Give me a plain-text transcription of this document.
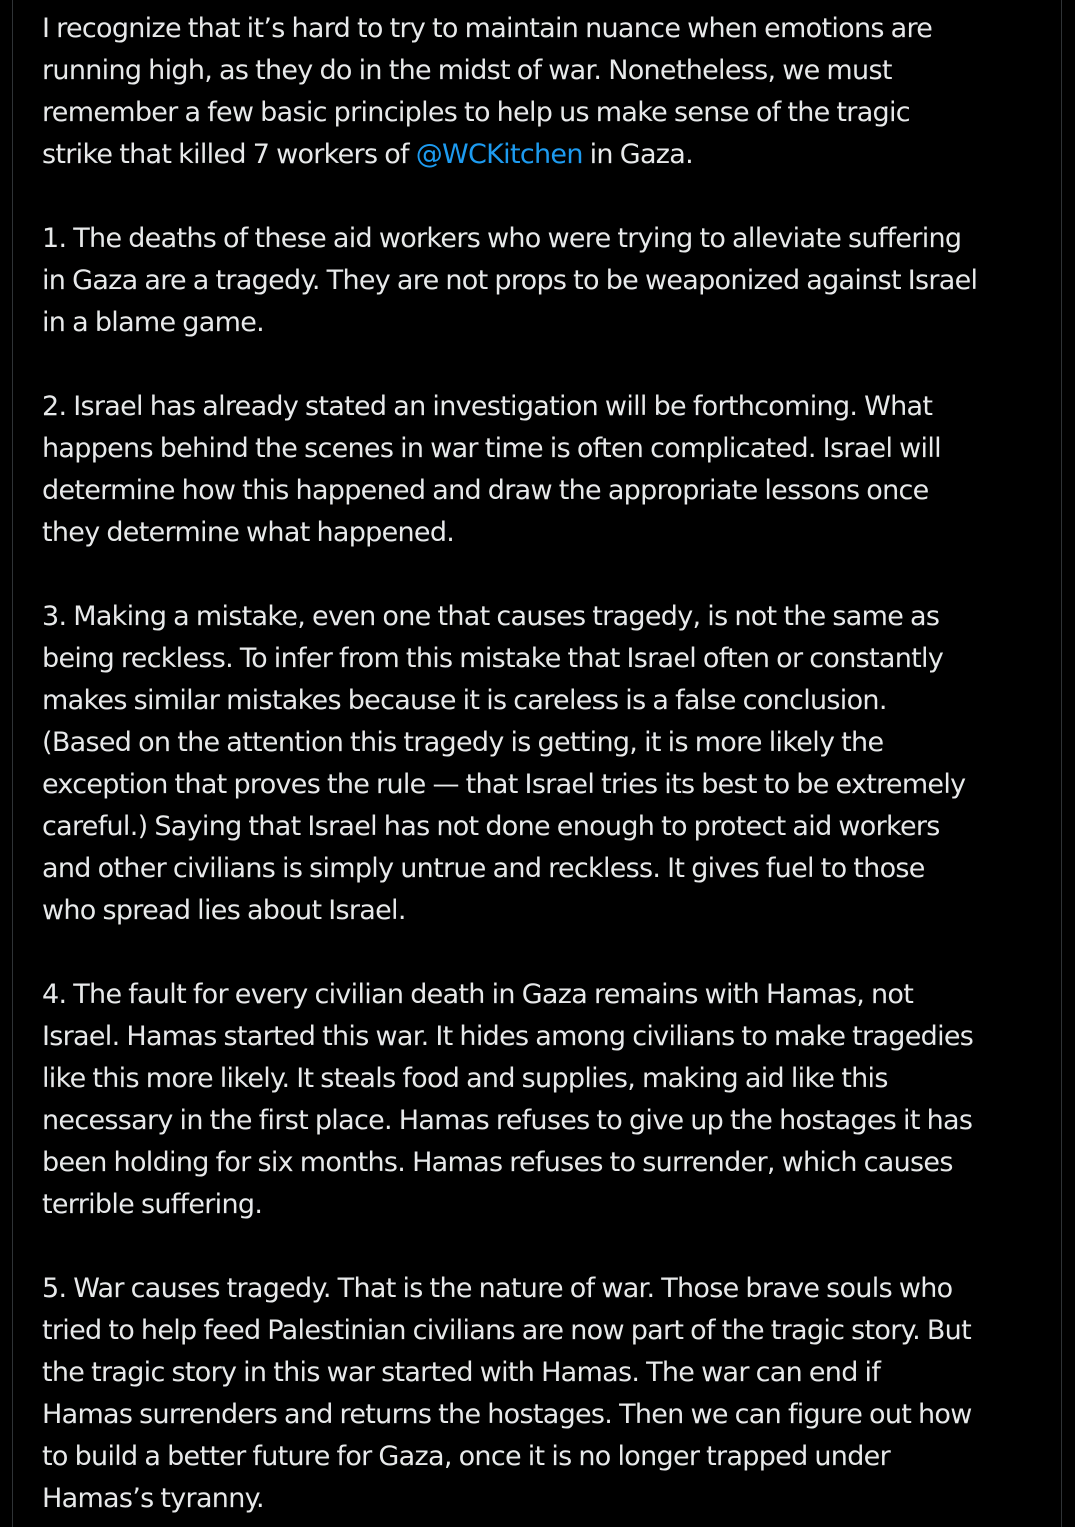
I recognize that it’s hard to try to maintain nuance when emotions are
running high, as they do in the midst of war. Nonetheless, we must
remember a few basic principles to help us make sense of the tragic
strike that killed 7 workers of @WCKitchen in Gaza.
1. The deaths of these aid workers who were trying to alleviate suffering
in Gaza are a tragedy. They are not props to be weaponized against Israel
in a blame game.
2. Israel has already stated an investigation will be forthcoming. What
happens behind the scenes in war time is often complicated. Israel will
determine how this happened and draw the appropriate lessons once
they determine what happened.
3. Making a mistake, even one that causes tragedy, is not the same as
being reckless. To infer from this mistake that Israel often or constantly
makes similar mistakes because it is careless is a false conclusion.
(Based on the attention this tragedy is getting, it is more likely the
exception that proves the rule — that Israel tries its best to be extremely
careful.) Saying that Israel has not done enough to protect aid workers
and other civilians is simply untrue and reckless. It gives fuel to those
who spread lies about Israel.
4. The fault for every civilian death in Gaza remains with Hamas, not
Israel. Hamas started this war. It hides among civilians to make tragedies
like this more likely. It steals food and supplies, making aid like this
necessary in the first place. Hamas refuses to give up the hostages it has
been holding for six months. Hamas refuses to surrender, which causes
terrible suffering.
5. War causes tragedy. That is the nature of war. Those brave souls who
tried to help feed Palestinian civilians are now part of the tragic story. But
the tragic story in this war started with Hamas. The war can end if
Hamas surrenders and returns the hostages. Then we can figure out how
to build a better future for Gaza, once it is no longer trapped under
Hamas’s tyranny.
